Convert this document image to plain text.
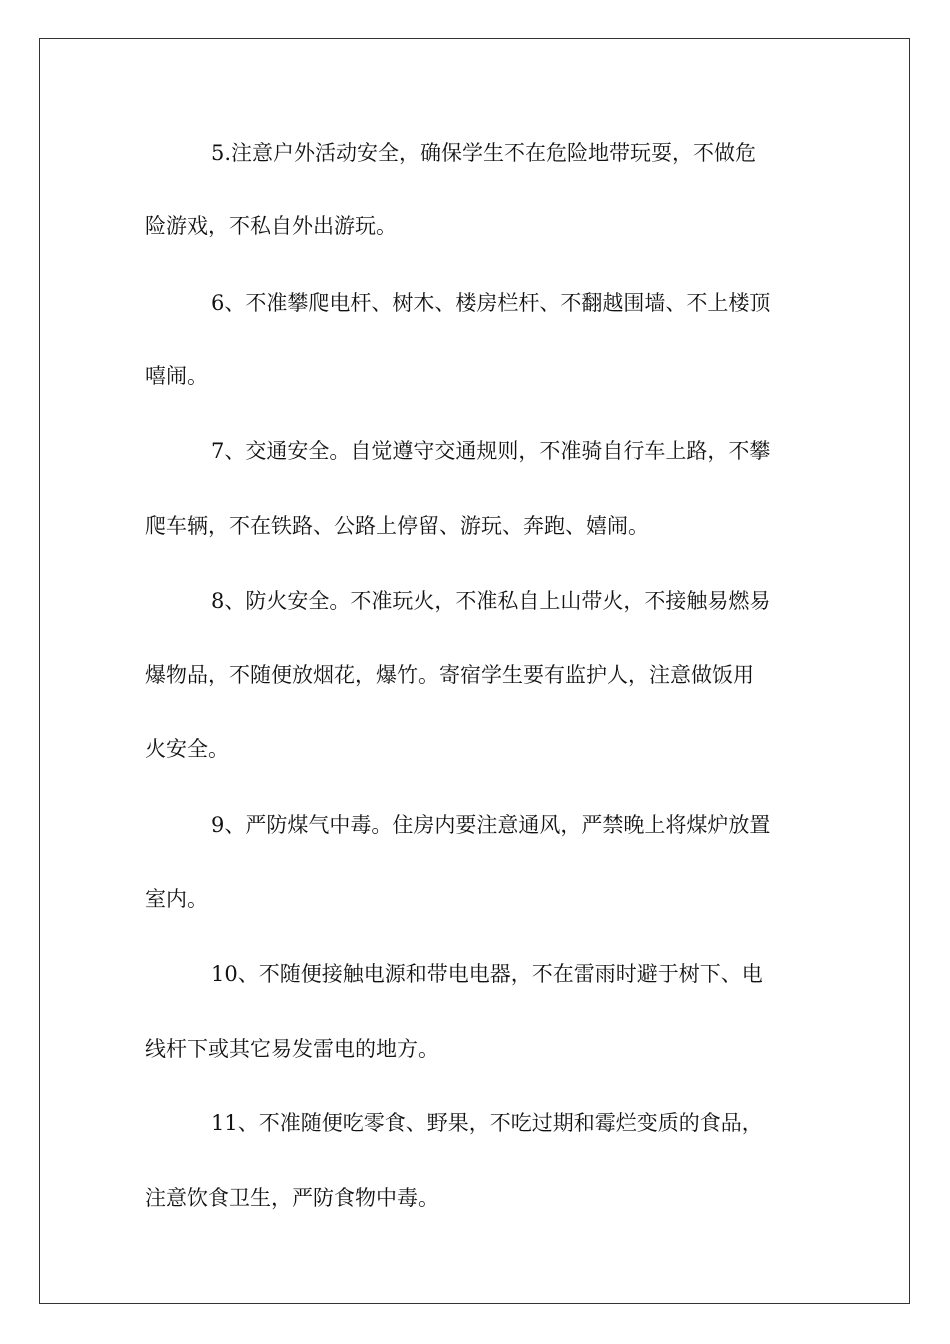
5.注意户外活动安全，确保学生不在危险地带玩耍，不做危
险游戏，不私自外出游玩。
6、不准攀爬电杆、树木、楼房栏杆、不翻越围墙、不上楼顶
嘻闹。
7、交通安全。自觉遵守交通规则，不准骑自行车上路，不攀
爬车辆，不在铁路、公路上停留、游玩、奔跑、嬉闹。
8、防火安全。不准玩火，不准私自上山带火，不接触易燃易
爆物品，不随便放烟花，爆竹。寄宿学生要有监护人，注意做饭用
火安全。
9、严防煤气中毒。住房内要注意通风，严禁晚上将煤炉放置
室内。
10、不随便接触电源和带电电器，不在雷雨时避于树下、电
线杆下或其它易发雷电的地方。
11、不准随便吃零食、野果，不吃过期和霉烂变质的食品，
注意饮食卫生，严防食物中毒。
